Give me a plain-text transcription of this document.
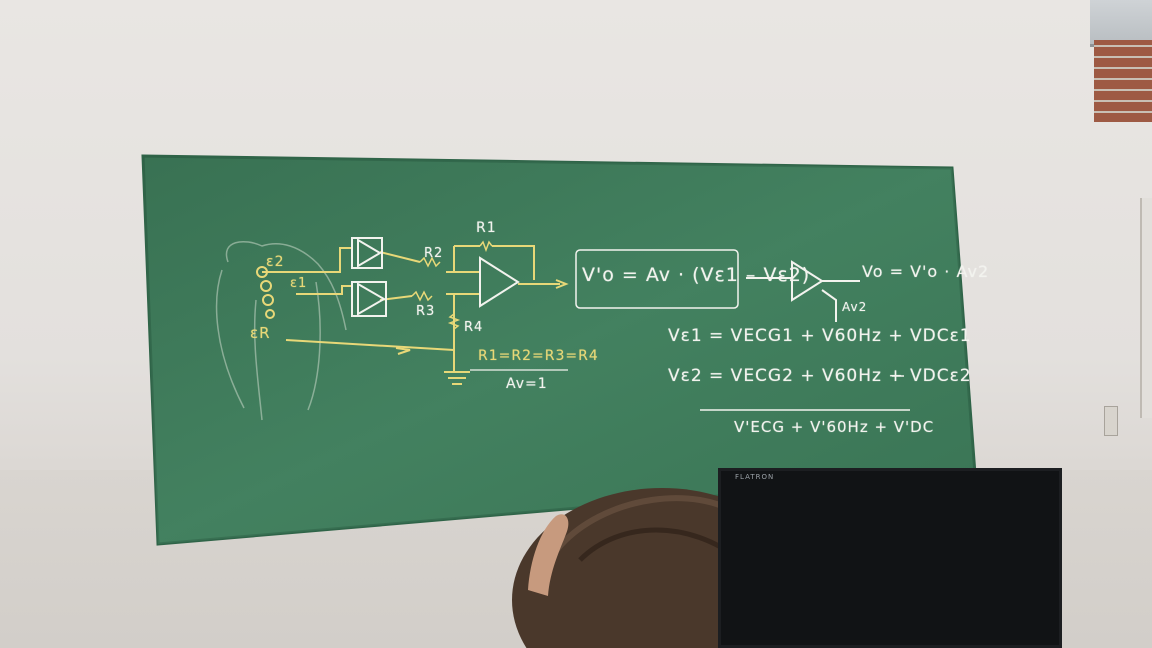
ε2
ε1
εR
R1
R2
R3
R4
R1=R2=R3=R4
Av=1
V'o = Av · (Vε1 – Vε2)	Vo = V'o · Av2
Av2
Vε1 = VECG1 + V60Hz + VDCε1
Vε2 = VECG2 + V60Hz + VDCε2
V'ECG + V'60Hz + V'DC
FLATRON
